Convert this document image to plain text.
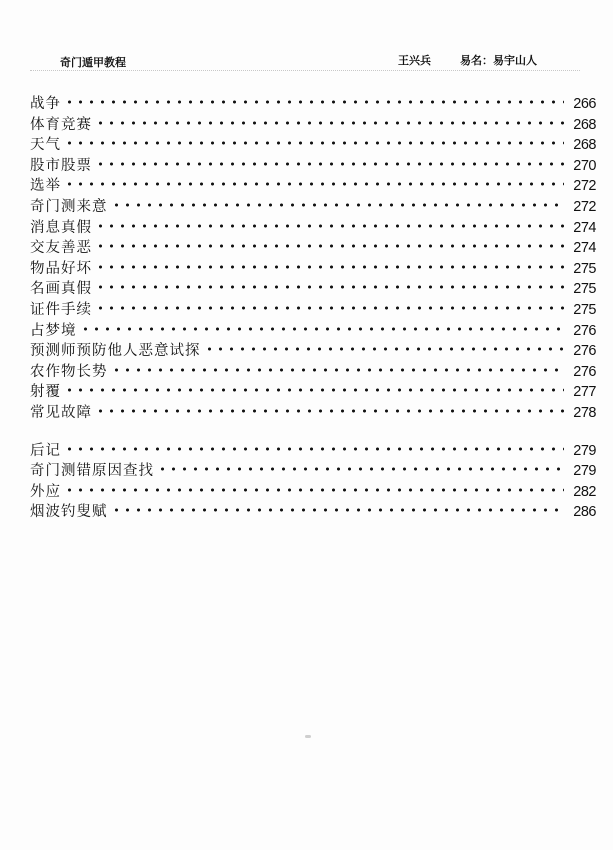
奇门遁甲教程	王兴兵	易名：易宇山人
战争	266
体育竞赛	268
天气	268
股市股票	270
选举	272
奇门测来意	272
消息真假	274
交友善恶	274
物品好坏	275
名画真假	275
证件手续	275
占梦境	276
预测师预防他人恶意试探	276
农作物长势	276
射覆	277
常见故障	278
后记	279
奇门测错原因查找	279
外应	282
烟波钓叟赋	286
